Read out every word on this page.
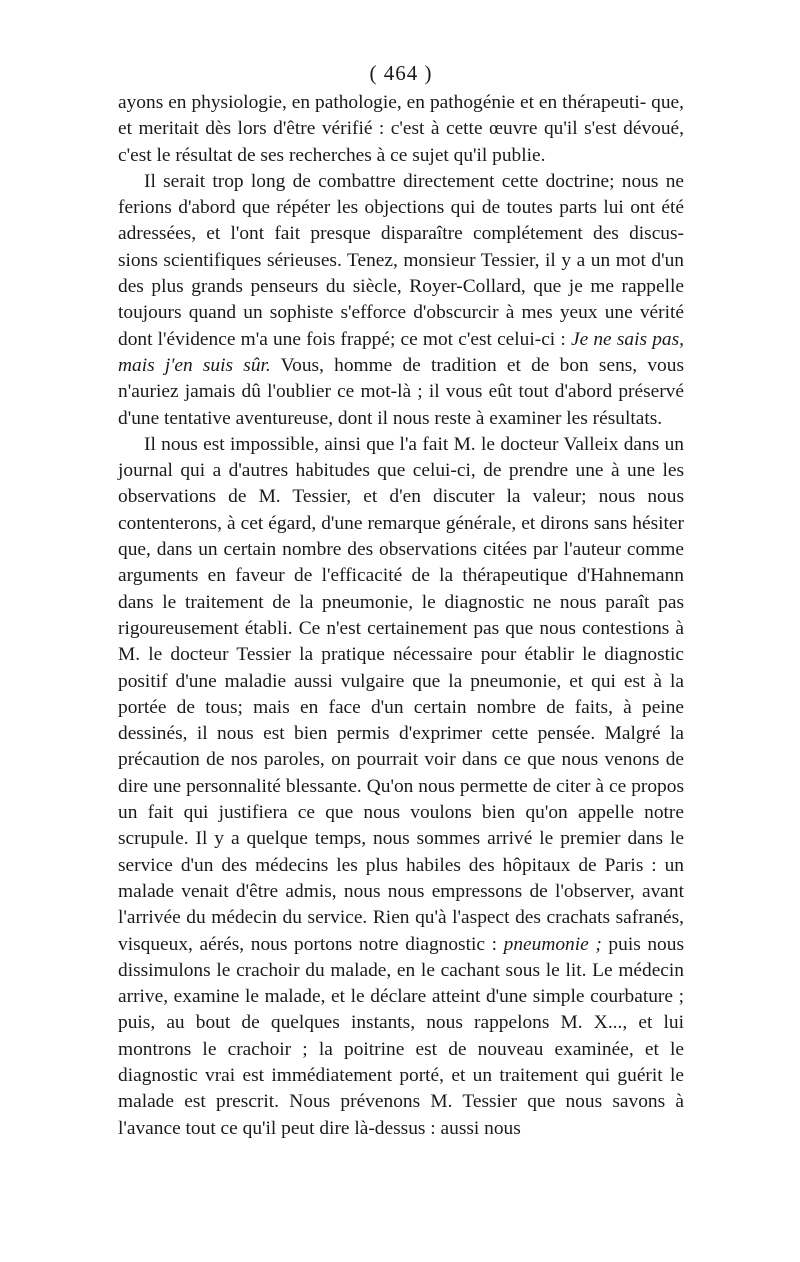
( 464 )

ayons en physiologie, en pathologie, en pathogénie et en thérapeuti- que, et meritait dès lors d'être vérifié : c'est à cette œuvre qu'il s'est dévoué, c'est le résultat de ses recherches à ce sujet qu'il publie.

Il serait trop long de combattre directement cette doctrine; nous ne ferions d'abord que répéter les objections qui de toutes parts lui ont été adressées, et l'ont fait presque disparaître complétement des discus- sions scientifiques sérieuses. Tenez, monsieur Tessier, il y a un mot d'un des plus grands penseurs du siècle, Royer-Collard, que je me rappelle toujours quand un sophiste s'efforce d'obscurcir à mes yeux une vérité dont l'évidence m'a une fois frappé; ce mot c'est celui-ci : Je ne sais pas, mais j'en suis sûr. Vous, homme de tradition et de bon sens, vous n'auriez jamais dû l'oublier ce mot-là ; il vous eût tout d'abord préservé d'une tentative aventureuse, dont il nous reste à examiner les résultats.

Il nous est impossible, ainsi que l'a fait M. le docteur Valleix dans un journal qui a d'autres habitudes que celui-ci, de prendre une à une les observations de M. Tessier, et d'en discuter la valeur; nous nous contenterons, à cet égard, d'une remarque générale, et dirons sans hésiter que, dans un certain nombre des observations citées par l'auteur comme arguments en faveur de l'efficacité de la thérapeutique d'Hahnemann dans le traitement de la pneumonie, le diagnostic ne nous paraît pas rigoureusement établi. Ce n'est certainement pas que nous contestions à M. le docteur Tessier la pratique nécessaire pour établir le diagnostic positif d'une maladie aussi vulgaire que la pneumonie, et qui est à la portée de tous; mais en face d'un certain nombre de faits, à peine dessinés, il nous est bien permis d'exprimer cette pensée. Malgré la précaution de nos paroles, on pourrait voir dans ce que nous venons de dire une personnalité blessante. Qu'on nous permette de citer à ce propos un fait qui justifiera ce que nous voulons bien qu'on appelle notre scrupule. Il y a quelque temps, nous sommes arrivé le premier dans le service d'un des médecins les plus habiles des hôpitaux de Paris : un malade venait d'être admis, nous nous empressons de l'observer, avant l'arrivée du médecin du service. Rien qu'à l'aspect des crachats safranés, visqueux, aérés, nous portons notre diagnostic : pneumonie ; puis nous dissimulons le crachoir du malade, en le cachant sous le lit. Le médecin arrive, examine le malade, et le déclare atteint d'une simple courbature ; puis, au bout de quelques instants, nous rappelons M. X..., et lui montrons le crachoir ; la poitrine est de nouveau examinée, et le diagnostic vrai est immédiatement porté, et un traitement qui guérit le malade est prescrit. Nous prévenons M. Tessier que nous savons à l'avance tout ce qu'il peut dire là-dessus : aussi nous
